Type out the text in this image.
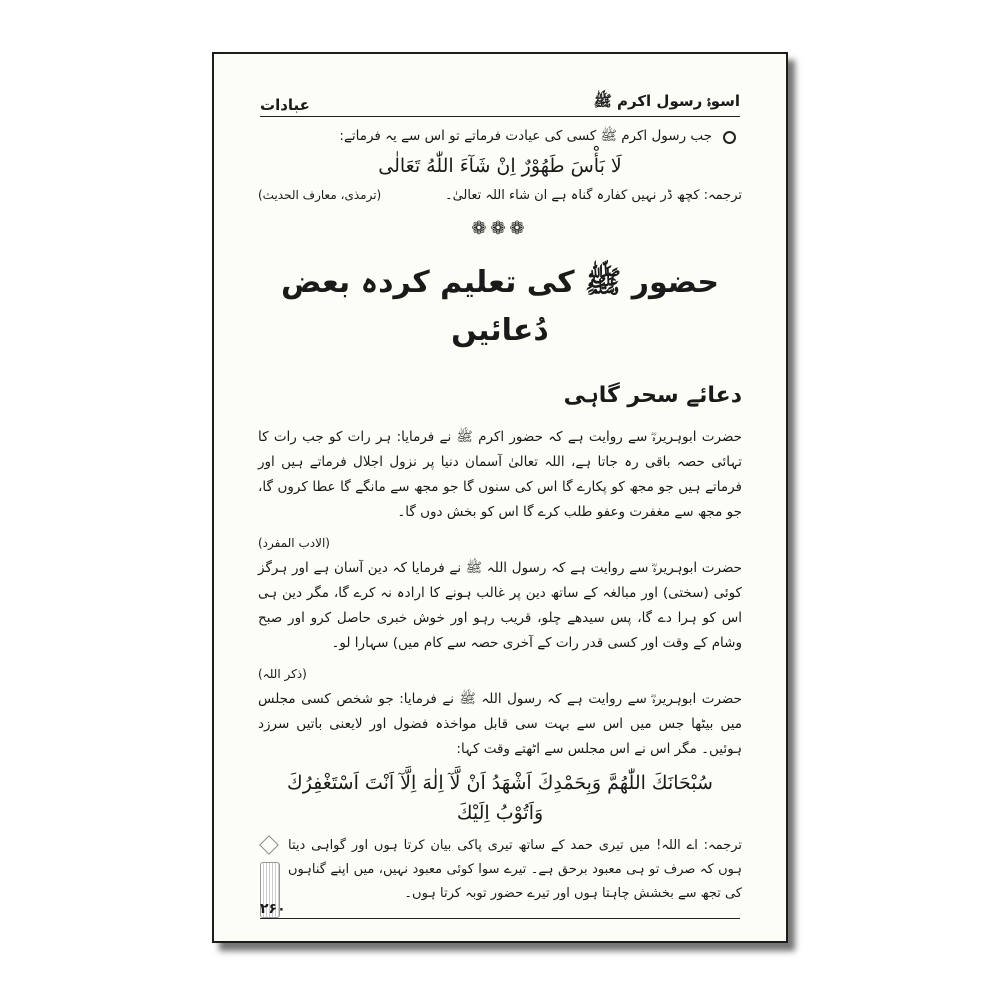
اسوۂ رسول اکرم ﷺ
عبادات
جب رسول اکرم ﷺ کسی کی عیادت فرماتے تو اس سے یہ فرماتے:
لَا بَأْسَ طَهُوْرٌ اِنْ شَآءَ اللّٰهُ تَعَالٰى
ترجمہ: کچھ ڈر نہیں کفارہ گناہ ہے ان شاء اللہ تعالیٰ۔
(ترمذی، معارف الحدیث)
❁❁❁
حضور ﷺ کی تعلیم کردہ بعض دُعائیں
دعائے سحر گاہی

حضرت ابوہریرہؓ سے روایت ہے کہ حضور اکرم ﷺ نے فرمایا: ہر رات کو جب رات کا تہائی حصہ باقی رہ جاتا ہے، اللہ تعالیٰ آسمان دنیا پر نزول اجلال فرماتے ہیں اور فرماتے ہیں جو مجھ کو پکارے گا اس کی سنوں گا جو مجھ سے مانگے گا عطا کروں گا، جو مجھ سے مغفرت وعفو طلب کرے گا اس کو بخش دوں گا۔

(الادب المفرد)

حضرت ابوہریرہؓ سے روایت ہے کہ رسول اللہ ﷺ نے فرمایا کہ دین آسان ہے اور ہرگز کوئی (سختی) اور مبالغہ کے ساتھ دین پر غالب ہونے کا ارادہ نہ کرے گا، مگر دین ہی اس کو ہرا دے گا، پس سیدھے چلو، قریب رہو اور خوش خبری حاصل کرو اور صبح وشام کے وقت اور کسی قدر رات کے آخری حصہ سے کام میں) سہارا لو۔

(ذکر اللہ)

حضرت ابوہریرہؓ سے روایت ہے کہ رسول اللہ ﷺ نے فرمایا: جو شخص کسی مجلس میں بیٹھا جس میں اس سے بہت سی قابل مواخذہ فضول اور لایعنی باتیں سرزد ہوئیں۔ مگر اس نے اس مجلس سے اٹھتے وقت کہا:

سُبْحَانَكَ اللّٰهُمَّ وَبِحَمْدِكَ اَشْهَدُ اَنْ لَّآ اِلٰهَ اِلَّآ اَنْتَ اَسْتَغْفِرُكَ
وَاَتُوْبُ اِلَيْكَ
ترجمہ: اے اللہ! میں تیری حمد کے ساتھ تیری پاکی بیان کرتا ہوں اور گواہی دیتا ہوں کہ صرف تو ہی معبود برحق ہے۔ تیرے سوا کوئی معبود نہیں، میں اپنے گناہوں کی تجھ سے بخشش چاہتا ہوں اور تیرے حضور توبہ کرتا ہوں۔
۲۶۰
